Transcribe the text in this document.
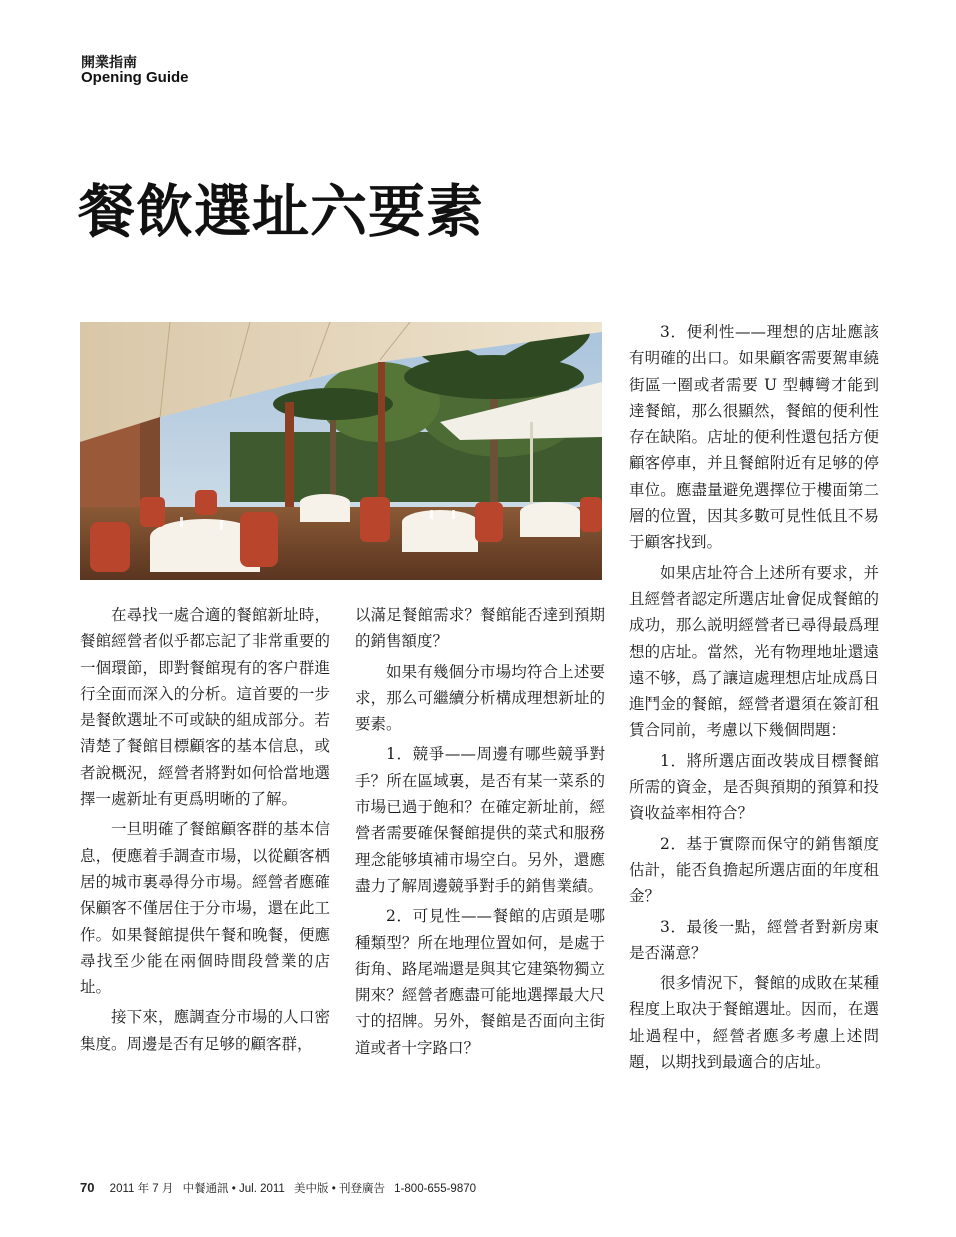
開業指南
Opening Guide
餐飲選址六要素

在尋找一處合適的餐館新址時，餐館經營者似乎都忘記了非常重要的一個環節，即對餐館現有的客户群進行全面而深入的分析。這首要的一步是餐飲選址不可或缺的組成部分。若清楚了餐館目標顧客的基本信息，或者說概況，經營者將對如何恰當地選擇一處新址有更爲明晰的了解。

一旦明確了餐館顧客群的基本信息，便應着手調查市場，以從顧客栖居的城市裏尋得分市場。經營者應確保顧客不僅居住于分市場，還在此工作。如果餐館提供午餐和晚餐，便應尋找至少能在兩個時間段營業的店址。

接下來，應調查分市場的人口密集度。周邊是否有足够的顧客群，

以滿足餐館需求？餐館能否達到預期的銷售額度？

如果有幾個分市場均符合上述要求，那么可繼續分析構成理想新址的要素。

1．競爭——周邊有哪些競爭對手？所在區域裏，是否有某一菜系的市場已過于飽和？在確定新址前，經營者需要確保餐館提供的菜式和服務理念能够填補市場空白。另外，還應盡力了解周邊競爭對手的銷售業績。

2．可見性——餐館的店頭是哪種類型？所在地理位置如何，是處于街角、路尾端還是與其它建築物獨立開來？經營者應盡可能地選擇最大尺寸的招牌。另外，餐館是否面向主街道或者十字路口？

3．便利性——理想的店址應該有明確的出口。如果顧客需要駕車繞街區一圈或者需要 U 型轉彎才能到達餐館，那么很顯然，餐館的便利性存在缺陷。店址的便利性還包括方便顧客停車，并且餐館附近有足够的停車位。應盡量避免選擇位于樓面第二層的位置，因其多數可見性低且不易于顧客找到。

如果店址符合上述所有要求，并且經營者認定所選店址會促成餐館的成功，那么説明經營者已尋得最爲理想的店址。當然，光有物理地址還遠遠不够，爲了讓這處理想店址成爲日進鬥金的餐館，經營者還須在簽訂租賃合同前，考慮以下幾個問題：

1．將所選店面改裝成目標餐館所需的資金，是否與預期的預算和投資收益率相符合？

2．基于實際而保守的銷售額度估計，能否負擔起所選店面的年度租金？

3．最後一點，經營者對新房東是否滿意？

很多情況下，餐館的成敗在某種程度上取决于餐館選址。因而，在選址過程中，經營者應多考慮上述問題，以期找到最適合的店址。

70 2011 年 7 月 中餐通訊 • Jul. 2011 美中版 • 刊登廣告 1-800-655-9870
